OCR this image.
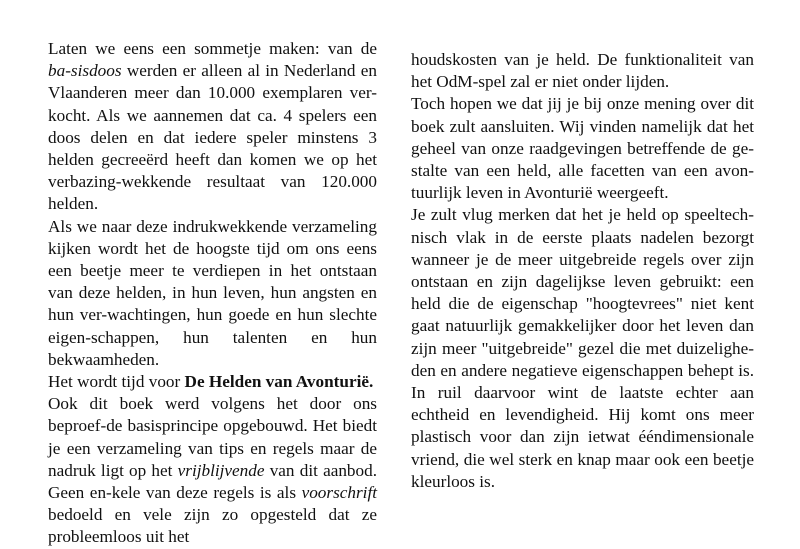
Laten we eens een sommetje maken: van de ba-sisdoos werden er alleen al in Nederland en Vlaanderen meer dan 10.000 exemplaren ver-kocht. Als we aannemen dat ca. 4 spelers een doos delen en dat iedere speler minstens 3 helden gecreeërd heeft dan komen we op het verbazing-wekkende resultaat van 120.000 helden.

Als we naar deze indrukwekkende verzameling kijken wordt het de hoogste tijd om ons eens een beetje meer te verdiepen in het ontstaan van deze helden, in hun leven, hun angsten en hun ver-wachtingen, hun goede en hun slechte eigen-schappen, hun talenten en hun bekwaamheden.

Het wordt tijd voor De Helden van Avonturië.

Ook dit boek werd volgens het door ons beproef-de basisprincipe opgebouwd. Het biedt je een verzameling van tips en regels maar de nadruk ligt op het vrijblijvende van dit aanbod. Geen en-kele van deze regels is als voorschrift bedoeld en vele zijn zo opgesteld dat ze probleemloos uit het

houdskosten van je held. De funktionaliteit van het OdM-spel zal er niet onder lijden.

Toch hopen we dat jij je bij onze mening over dit boek zult aansluiten. Wij vinden namelijk dat het geheel van onze raadgevingen betreffende de ge-stalte van een held, alle facetten van een avon-tuurlijk leven in Avonturië weergeeft.

Je zult vlug merken dat het je held op speeltech-nisch vlak in de eerste plaats nadelen bezorgt wanneer je de meer uitgebreide regels over zijn ontstaan en zijn dagelijkse leven gebruikt: een held die de eigenschap "hoogtevrees" niet kent gaat natuurlijk gemakkelijker door het leven dan zijn meer "uitgebreide" gezel die met duizelighe-den en andere negatieve eigenschappen behept is. In ruil daarvoor wint de laatste echter aan echtheid en levendigheid. Hij komt ons meer plastisch voor dan zijn ietwat ééndimensionale vriend, die wel sterk en knap maar ook een beetje kleurloos is.
